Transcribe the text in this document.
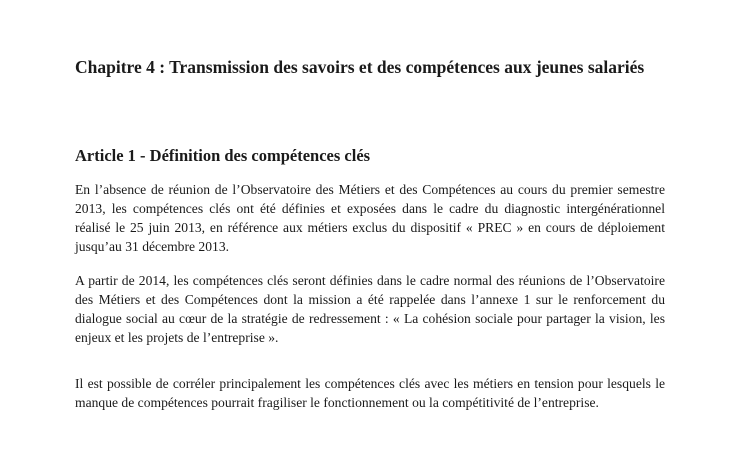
Chapitre 4 : Transmission des savoirs et des compétences aux jeunes salariés
Article 1 - Définition des compétences clés

En l’absence de réunion de l’Observatoire des Métiers et des Compétences au cours du premier semestre 2013, les compétences clés ont été définies et exposées dans le cadre du diagnostic intergénérationnel réalisé le 25 juin 2013, en référence aux métiers exclus du dispositif « PREC » en cours de déploiement jusqu’au 31 décembre 2013.

A partir de 2014, les compétences clés seront définies dans le cadre normal des réunions de l’Observatoire des Métiers et des Compétences dont la mission a été rappelée dans l’annexe 1 sur le renforcement du dialogue social au cœur de la stratégie de redressement : « La cohésion sociale pour partager la vision, les enjeux et les projets de l’entreprise ».

Il est possible de corréler principalement les compétences clés avec les métiers en tension pour lesquels le manque de compétences pourrait fragiliser le fonctionnement ou la compétitivité de l’entreprise.
